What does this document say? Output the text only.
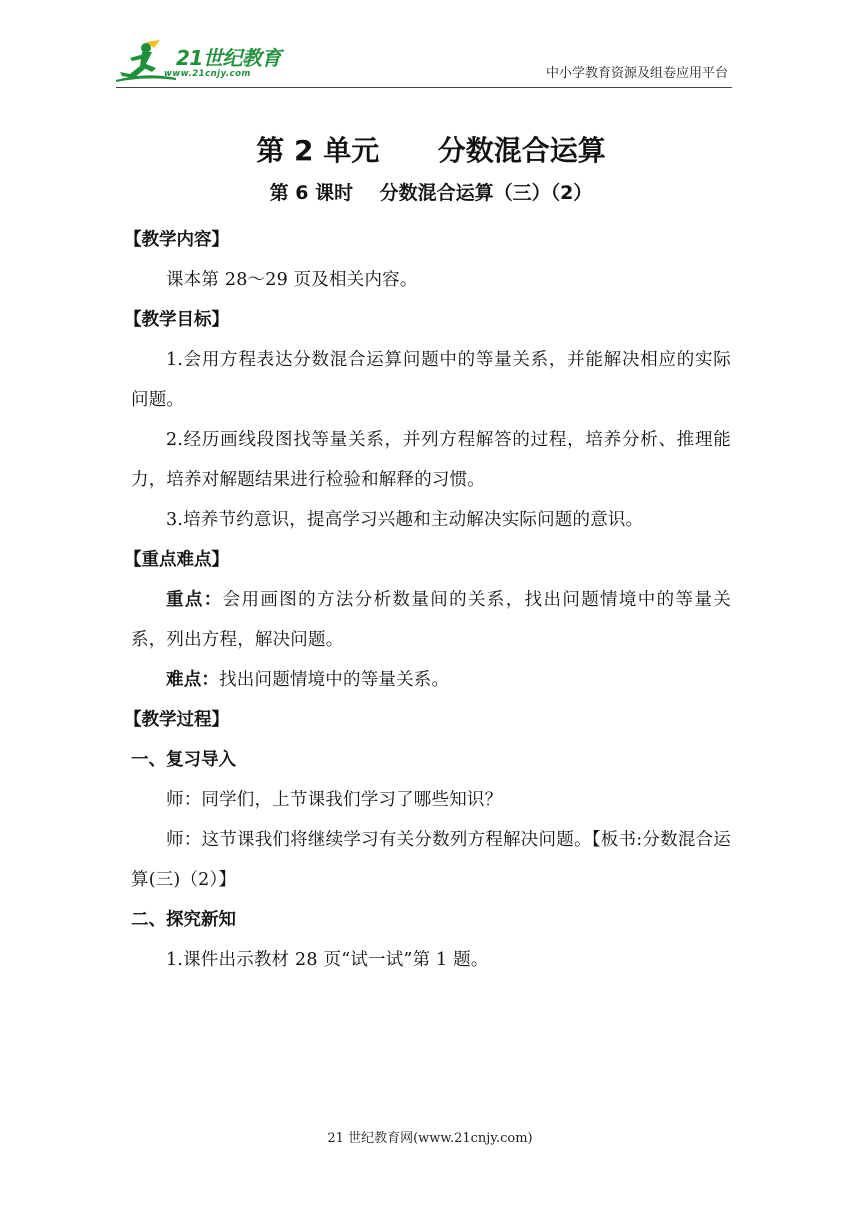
21世纪教育
www.21cnjy.com	中小学教育资源及组卷应用平台
第 2 单元      分数混合运算
第 6 课时    分数混合运算（三）（2）

【教学内容】

课本第 28～29 页及相关内容。

【教学目标】

1.会用方程表达分数混合运算问题中的等量关系，并能解决相应的实际问题。

2.经历画线段图找等量关系，并列方程解答的过程，培养分析、推理能力，培养对解题结果进行检验和解释的习惯。

3.培养节约意识，提高学习兴趣和主动解决实际问题的意识。

【重点难点】

重点：会用画图的方法分析数量间的关系，找出问题情境中的等量关系，列出方程，解决问题。

难点：找出问题情境中的等量关系。

【教学过程】

一、复习导入

师：同学们，上节课我们学习了哪些知识？

师：这节课我们将继续学习有关分数列方程解决问题。【板书:分数混合运算(三)（2）】

二、探究新知

1.课件出示教材 28 页“试一试”第 1 题。

21 世纪教育网(www.21cnjy.com)
